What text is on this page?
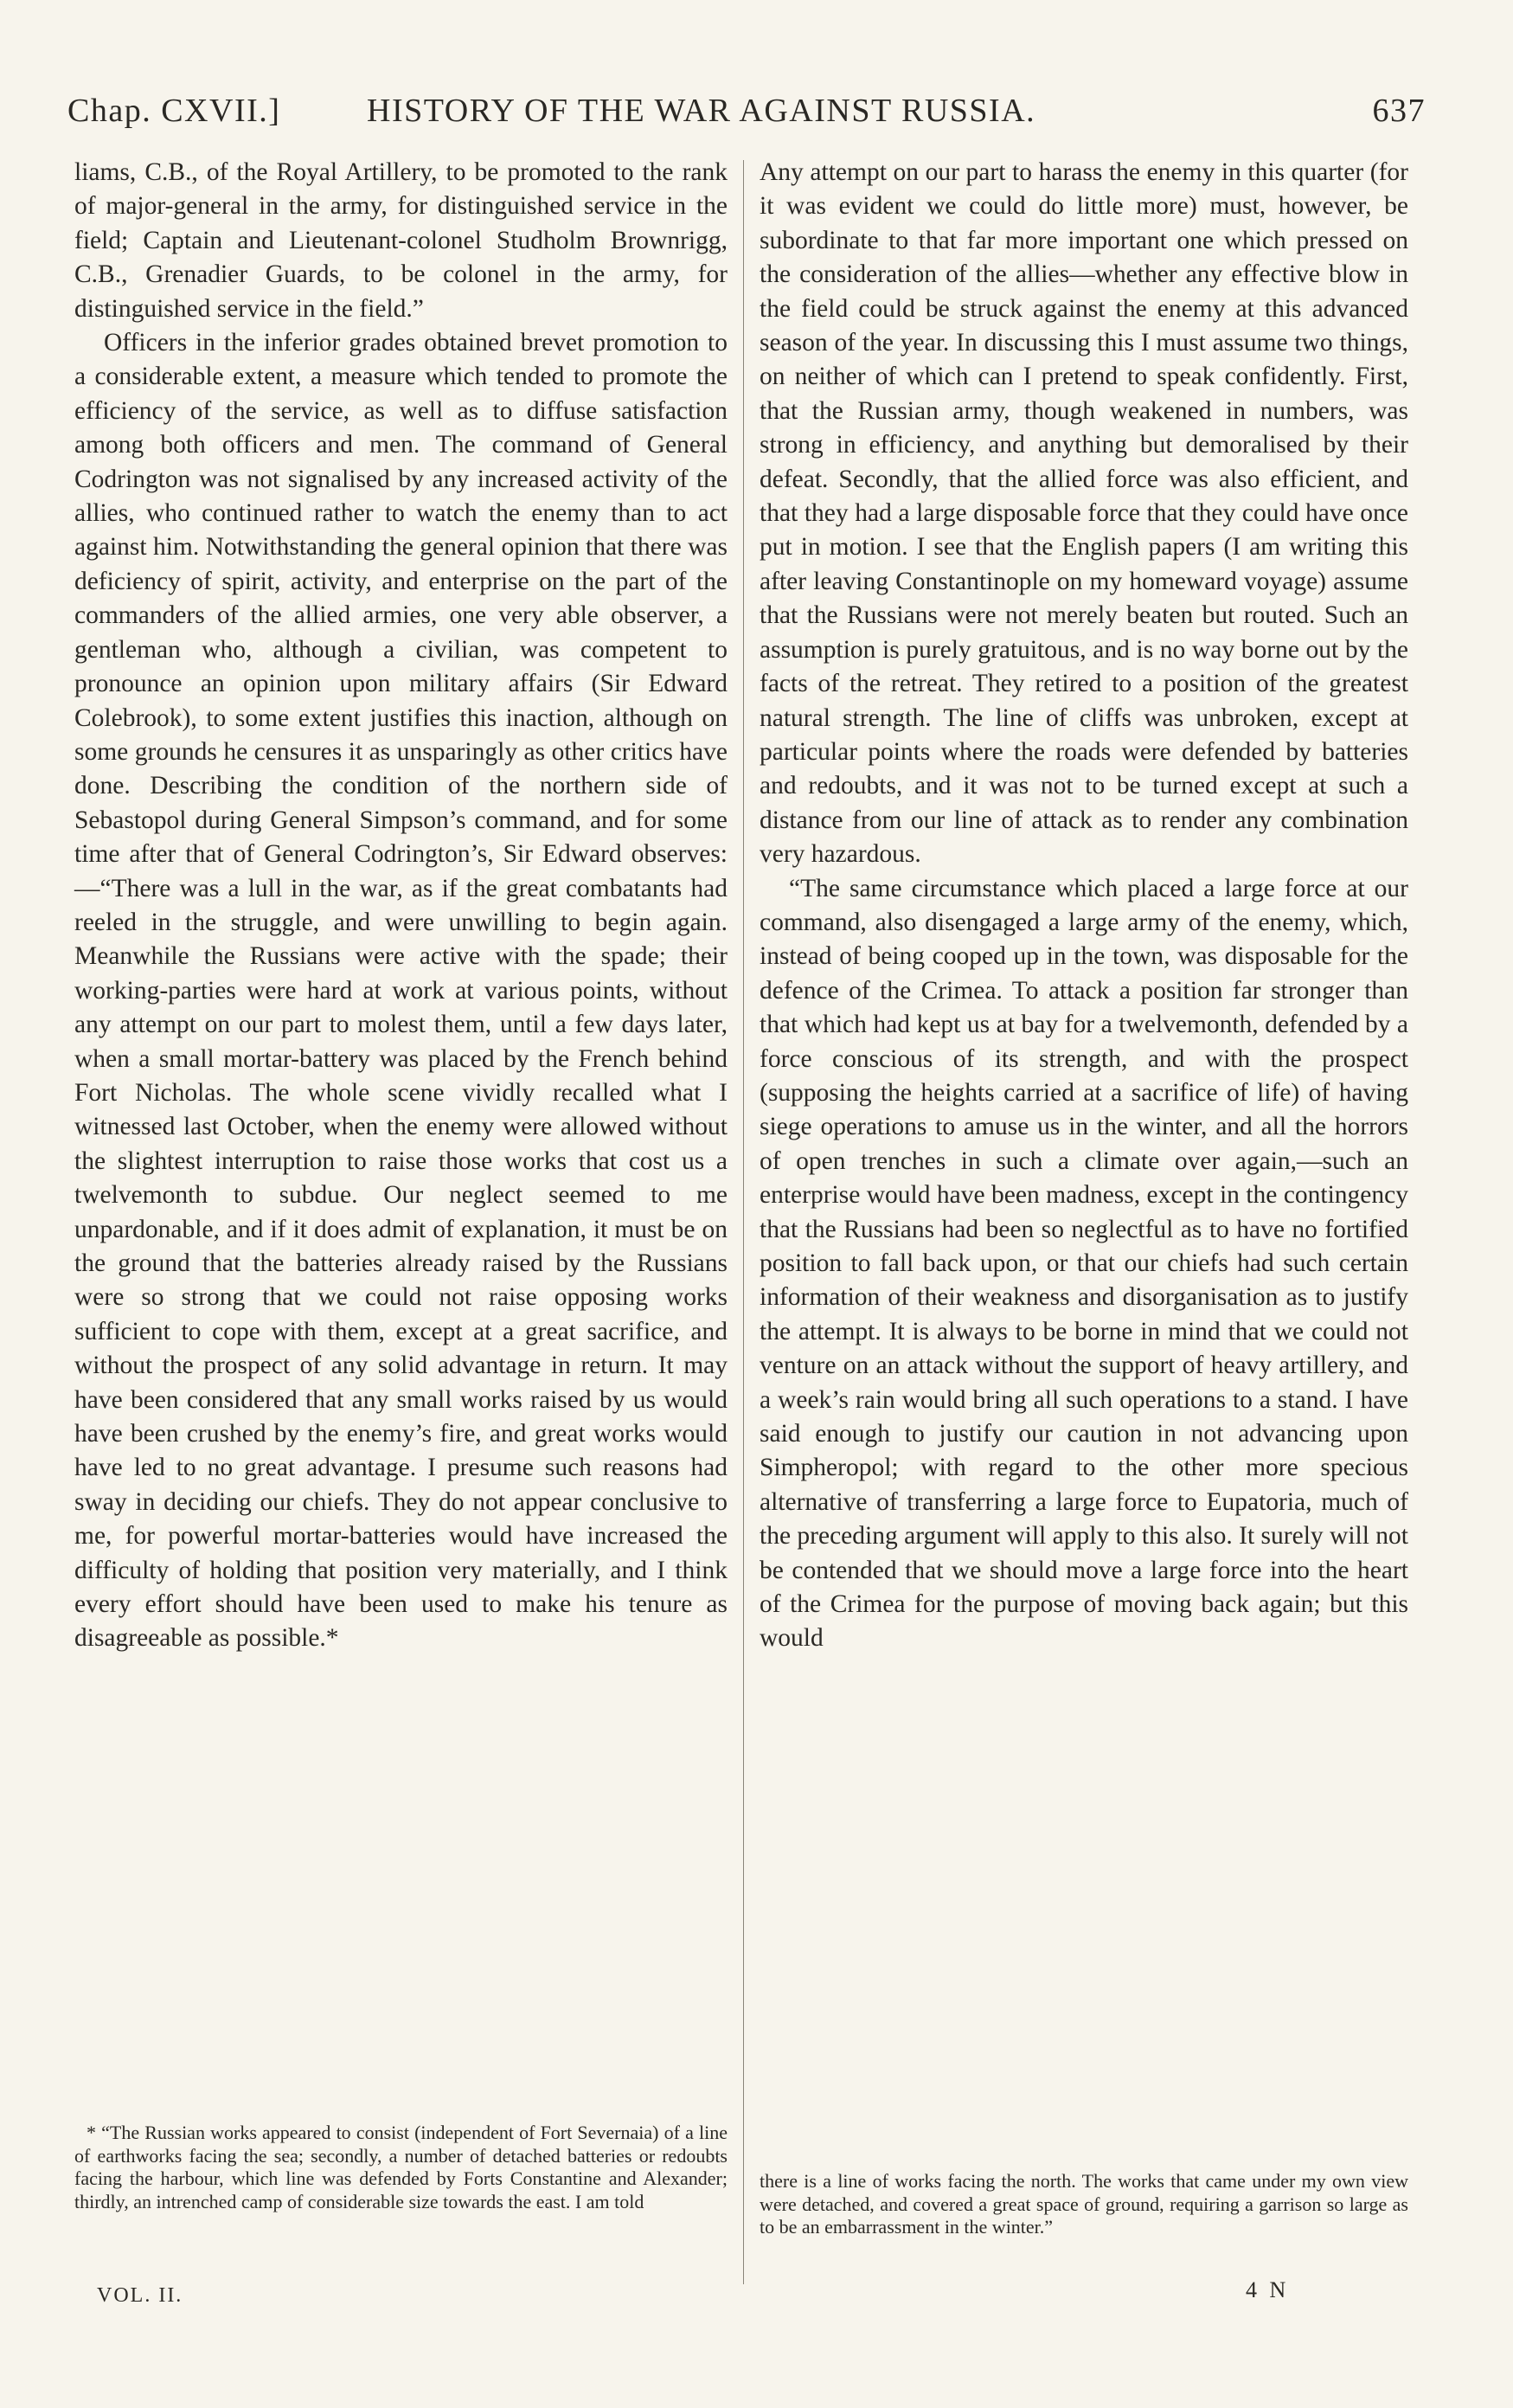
Chap. CXVII.]	HISTORY OF THE WAR AGAINST RUSSIA.	637

liams, C.B., of the Royal Artillery, to be promoted to the rank of major-general in the army, for distinguished service in the field; Captain and Lieutenant-colonel Studholm Brownrigg, C.B., Grenadier Guards, to be colonel in the army, for distinguished service in the field.”

Officers in the inferior grades obtained brevet promotion to a considerable extent, a measure which tended to promote the efficiency of the service, as well as to diffuse satisfaction among both officers and men. The command of General Codrington was not signalised by any increased activity of the allies, who continued rather to watch the enemy than to act against him. Notwithstanding the general opinion that there was deficiency of spirit, activity, and enterprise on the part of the commanders of the allied armies, one very able observer, a gentleman who, although a civilian, was competent to pronounce an opinion upon military affairs (Sir Edward Colebrook), to some extent justifies this inaction, although on some grounds he censures it as unsparingly as other critics have done. Describing the condition of the northern side of Sebastopol during General Simpson’s command, and for some time after that of General Codrington’s, Sir Edward observes:—“There was a lull in the war, as if the great combatants had reeled in the struggle, and were unwilling to begin again. Meanwhile the Russians were active with the spade; their working-parties were hard at work at various points, without any attempt on our part to molest them, until a few days later, when a small mortar-battery was placed by the French behind Fort Nicholas. The whole scene vividly recalled what I witnessed last October, when the enemy were allowed without the slightest interruption to raise those works that cost us a twelvemonth to subdue. Our neglect seemed to me unpardonable, and if it does admit of explanation, it must be on the ground that the batteries already raised by the Russians were so strong that we could not raise opposing works sufficient to cope with them, except at a great sacrifice, and without the prospect of any solid advantage in return. It may have been considered that any small works raised by us would have been crushed by the enemy’s fire, and great works would have led to no great advantage. I presume such reasons had sway in deciding our chiefs. They do not appear conclusive to me, for powerful mortar-batteries would have increased the difficulty of holding that position very materially, and I think every effort should have been used to make his tenure as disagreeable as possible.*

Any attempt on our part to harass the enemy in this quarter (for it was evident we could do little more) must, however, be subordinate to that far more important one which pressed on the consideration of the allies—whether any effective blow in the field could be struck against the enemy at this advanced season of the year. In discussing this I must assume two things, on neither of which can I pretend to speak confidently. First, that the Russian army, though weakened in numbers, was strong in efficiency, and anything but demoralised by their defeat. Secondly, that the allied force was also efficient, and that they had a large disposable force that they could have once put in motion. I see that the English papers (I am writing this after leaving Constantinople on my homeward voyage) assume that the Russians were not merely beaten but routed. Such an assumption is purely gratuitous, and is no way borne out by the facts of the retreat. They retired to a position of the greatest natural strength. The line of cliffs was unbroken, except at particular points where the roads were defended by batteries and redoubts, and it was not to be turned except at such a distance from our line of attack as to render any combination very hazardous.

“The same circumstance which placed a large force at our command, also disengaged a large army of the enemy, which, instead of being cooped up in the town, was disposable for the defence of the Crimea. To attack a position far stronger than that which had kept us at bay for a twelvemonth, defended by a force conscious of its strength, and with the prospect (supposing the heights carried at a sacrifice of life) of having siege operations to amuse us in the winter, and all the horrors of open trenches in such a climate over again,—such an enterprise would have been madness, except in the contingency that the Russians had been so neglectful as to have no fortified position to fall back upon, or that our chiefs had such certain information of their weakness and disorganisation as to justify the attempt. It is always to be borne in mind that we could not venture on an attack without the support of heavy artillery, and a week’s rain would bring all such operations to a stand. I have said enough to justify our caution in not advancing upon Simpheropol; with regard to the other more specious alternative of transferring a large force to Eupatoria, much of the preceding argument will apply to this also. It surely will not be contended that we should move a large force into the heart of the Crimea for the purpose of moving back again; but this would

* “The Russian works appeared to consist (independent of Fort Severnaia) of a line of earthworks facing the sea; secondly, a number of detached batteries or redoubts facing the harbour, which line was defended by Forts Constantine and Alexander; thirdly, an intrenched camp of considerable size towards the east. I am told

there is a line of works facing the north. The works that came under my own view were detached, and covered a great space of ground, requiring a garrison so large as to be an embarrassment in the winter.”

VOL. II.	4 N
